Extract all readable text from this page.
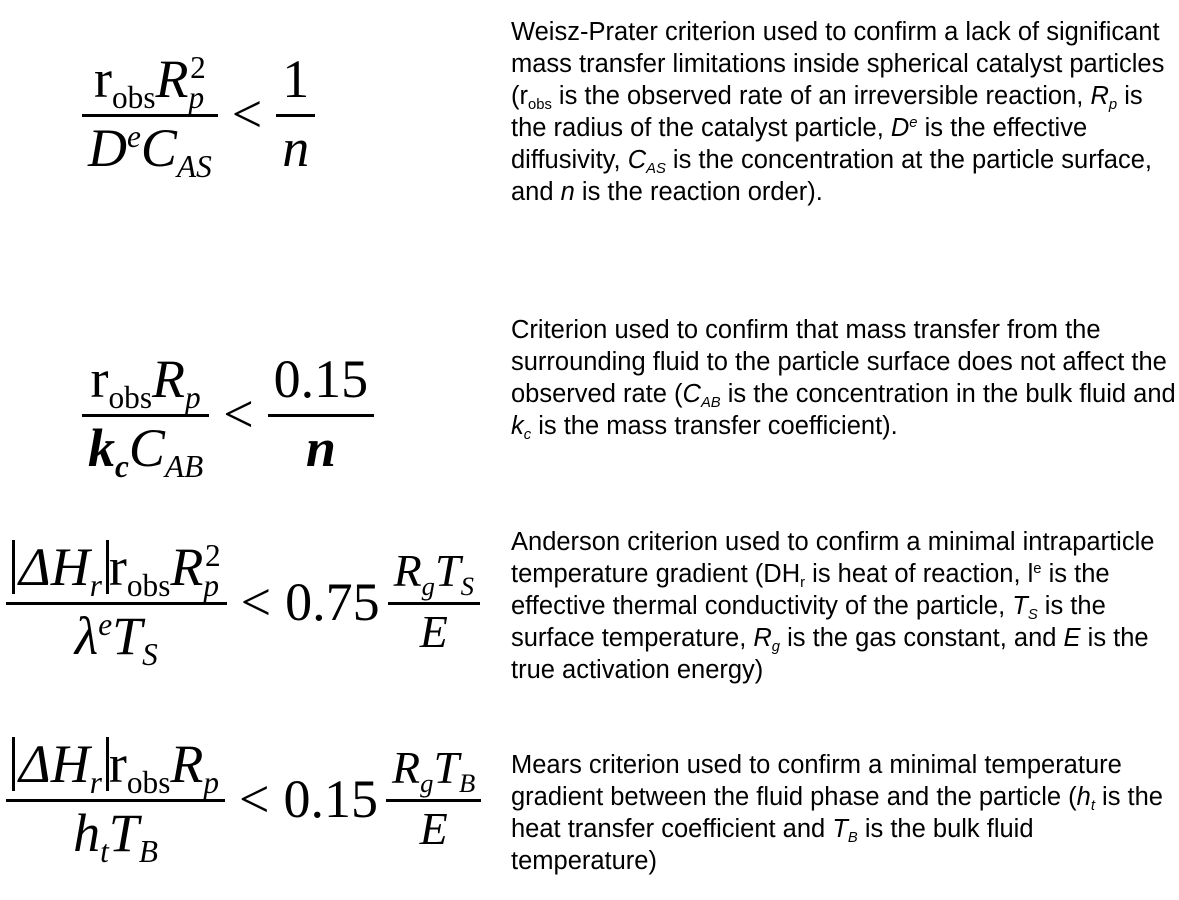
$\frac{r_{obs}R_p^2}{D^eC_{AS}} < \frac{1}{n}$
Weisz-Prater criterion used to confirm a lack of significant mass transfer limitations inside spherical catalyst particles ($r_{obs}$ is the observed rate of an irreversible reaction, $R_p$ is the radius of the catalyst particle, De is the effective diffusivity, $C_{AS}$ is the concentration at the particle surface, and n is the reaction order).
$\frac{r_{obs}R_p}{k_cC_{AB}} < \frac{0.15}{n}$
Criterion used to confirm that mass transfer from the surrounding fluid to the particle surface does not affect the observed rate ($C_{AB}$ is the concentration in the bulk fluid and $k_c$ is the mass transfer coefficient).
$\frac{\Delta H_r r_{obs}R_p^2}{\lambda^eT_S} < 0.75 \frac{R_gT_S}{E}$
Anderson criterion used to confirm a minimal intraparticle temperature gradient ($DH_r$ is heat of reaction, $l^e$ is the effective thermal conductivity of the particle, $T_S$ is the surface temperature, $R_g$ is the gas constant, and E is the true activation energy)
$\frac{\Delta H_r r_{obs}R_p}{h_tT_B} < 0.15 \frac{R_gT_B}{E}$ Mears criterion used to confirm a minimal temperature gradient between the fluid phase and the particle ($h_t$ is the heat transfer coefficient and $T_B$ is the bulk fluid temperature)
